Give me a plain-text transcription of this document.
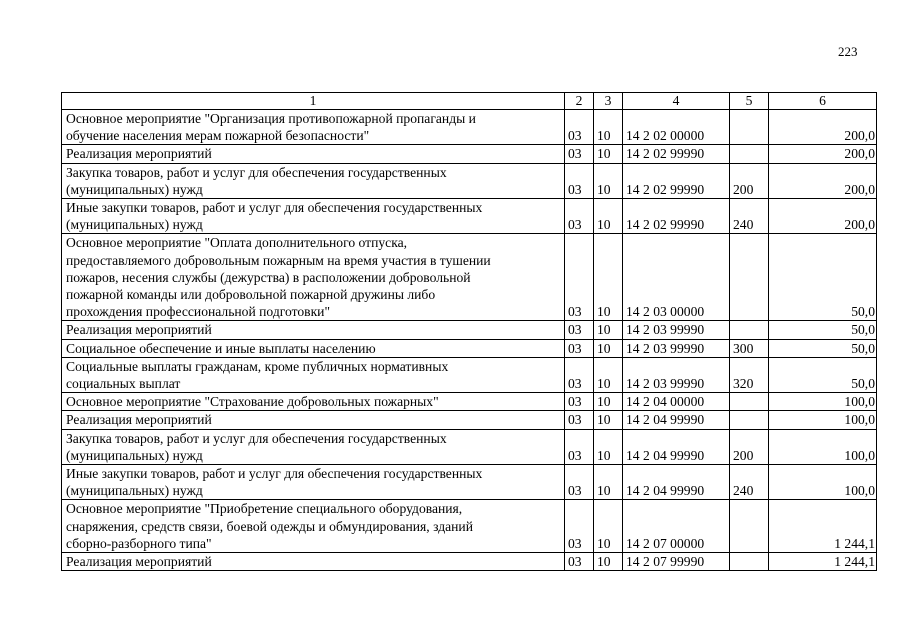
223
1	2	3	4	5	6
Основное мероприятие "Организация противопожарной пропаганды и
обучение населения мерам пожарной безопасности"	03	10	14 2 02 00000		200,0
Реализация мероприятий	03	10	14 2 02 99990		200,0
Закупка товаров, работ и услуг для обеспечения государственных
(муниципальных) нужд	03	10	14 2 02 99990	200	200,0
Иные закупки товаров, работ и услуг для обеспечения государственных
(муниципальных) нужд	03	10	14 2 02 99990	240	200,0
Основное мероприятие "Оплата дополнительного отпуска,
предоставляемого добровольным пожарным на время участия в тушении
пожаров, несения службы (дежурства) в расположении добровольной
пожарной команды или добровольной пожарной дружины либо
прохождения профессиональной подготовки"	03	10	14 2 03 00000		50,0
Реализация мероприятий	03	10	14 2 03 99990		50,0
Социальное обеспечение и иные выплаты населению	03	10	14 2 03 99990	300	50,0
Социальные выплаты гражданам, кроме публичных нормативных
социальных выплат	03	10	14 2 03 99990	320	50,0
Основное мероприятие "Страхование добровольных пожарных"	03	10	14 2 04 00000		100,0
Реализация мероприятий	03	10	14 2 04 99990		100,0
Закупка товаров, работ и услуг для обеспечения государственных
(муниципальных) нужд	03	10	14 2 04 99990	200	100,0
Иные закупки товаров, работ и услуг для обеспечения государственных
(муниципальных) нужд	03	10	14 2 04 99990	240	100,0
Основное мероприятие "Приобретение специального оборудования,
снаряжения, средств связи, боевой одежды и обмундирования, зданий
сборно-разборного типа"	03	10	14 2 07 00000		1 244,1
Реализация мероприятий	03	10	14 2 07 99990		1 244,1
